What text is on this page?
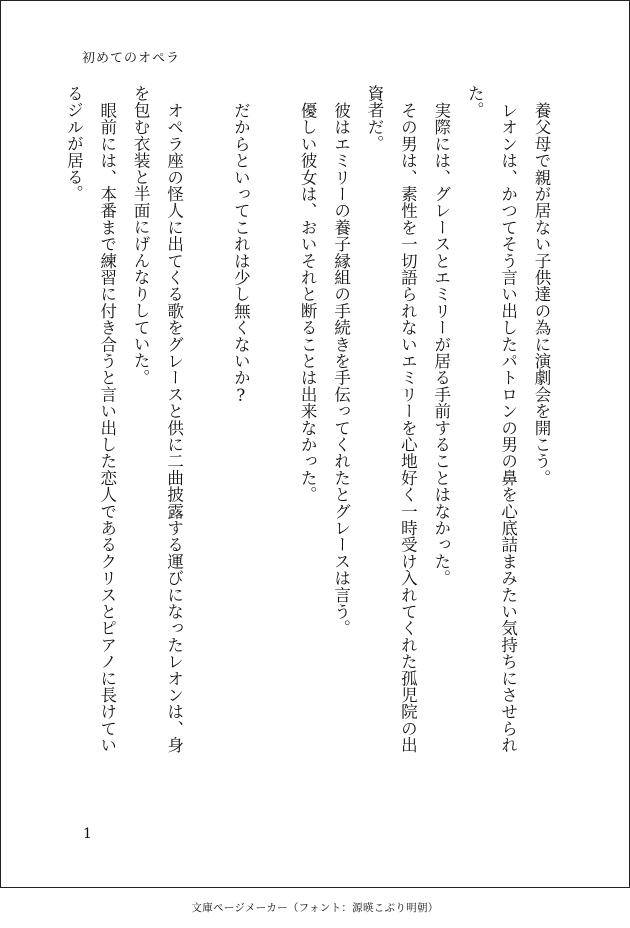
初めてのオペラ

養父母で親が居ない子供達の為に演劇会を開こう。

レオンは、かつてそう言い出したパトロンの男の鼻を心底詰まみたい気持ちにさせられた。

実際には、グレースとエミリーが居る手前することはなかった。

その男は、素性を一切語られないエミリーを心地好く一時受け入れてくれた孤児院の出資者だ。

彼はエミリーの養子縁組の手続きを手伝ってくれたとグレースは言う。

優しい彼女は、おいそれと断ることは出来なかった。

だからといってこれは少し無くないか?

オペラ座の怪人に出てくる歌をグレースと供に二曲披露する運びになったレオンは、身を包む衣装と半面にげんなりしていた。

眼前には、本番まで練習に付き合うと言い出した恋人であるクリスとピアノに長けているジルが居る。

1
文庫ページメーカー（フォント：源暎こぶり明朝）
